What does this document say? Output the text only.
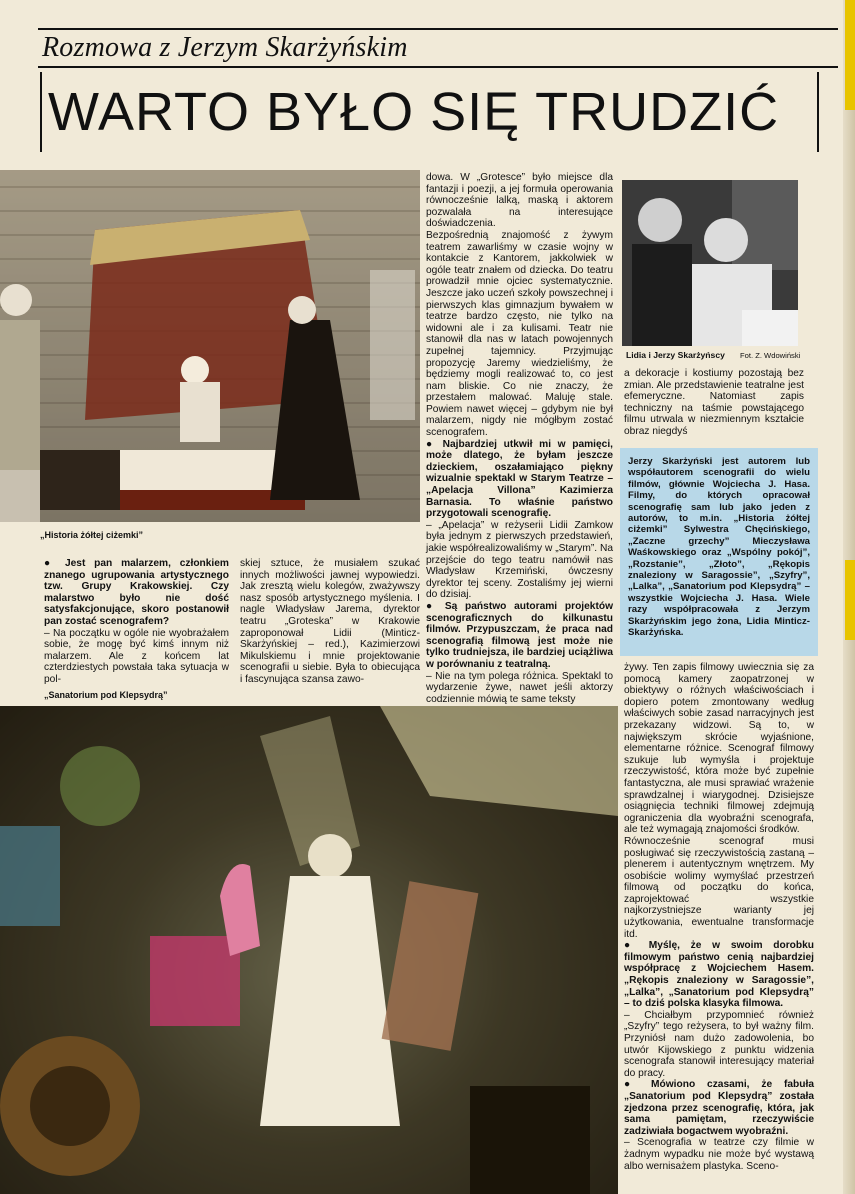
Rozmowa z Jerzym Skarżyńskim
WARTO BYŁO SIĘ TRUDZIĆ
„Historia żółtej ciżemki”
Lidia i Jerzy Skarżyńscy Fot. Z. Wdowiński

a dekoracje i kostiumy pozostają bez zmian. Ale przedstawienie teatralne jest efemeryczne. Natomiast zapis techniczny na taśmie powstającego filmu utrwala w niezmiennym kształcie obraz niegdyś

Jerzy Skarżyński jest autorem lub współautorem scenografii do wielu filmów, głównie Wojciecha J. Hasa. Filmy, do których opracował scenografię sam lub jako jeden z autorów, to m.in. „Historia żółtej ciżemki” Sylwestra Chęcińskiego, „Zaczne grzechy” Mieczysława Waśkowskiego oraz „Wspólny pokój”, „Rozstanie”, „Złoto”, „Rękopis znaleziony w Saragossie”, „Szyfry”, „Lalka”, „Sanatorium pod Klepsydrą” – wszystkie Wojciecha J. Hasa. Wiele razy współpracowała z Jerzym Skarżyńskim jego żona, Lidia Minticz-Skarżyńska.

● Jest pan malarzem, członkiem znanego ugrupowania artystycznego tzw. Grupy Krakowskiej. Czy malarstwo było nie dość satysfakcjonujące, skoro postanowił pan zostać scenografem?

– Na początku w ogóle nie wyobrażałem sobie, że mogę być kimś innym niż malarzem. Ale z końcem lat czterdziestych powstała taka sytuacja w pol-

skiej sztuce, że musiałem szukać innych możliwości jawnej wypowiedzi. Jak zresztą wielu kolegów, zważywszy nasz sposób artystycznego myślenia. I nagle Władysław Jarema, dyrektor teatru „Groteska” w Krakowie zaproponował Lidii (Minticz-Skarżyńskiej – red.), Kazimierzowi Mikulskiemu i mnie projektowanie scenografii u siebie. Była to obiecująca i fascynująca szansa zawo-

„Sanatorium pod Klepsydrą”

dowa. W „Grotesce” było miejsce dla fantazji i poezji, a jej formuła operowania równocześnie lalką, maską i aktorem pozwalała na interesujące doświadczenia.

Bezpośrednią znajomość z żywym teatrem zawarliśmy w czasie wojny w kontakcie z Kantorem, jakkolwiek w ogóle teatr znałem od dziecka. Do teatru prowadził mnie ojciec systematycznie. Jeszcze jako uczeń szkoły powszechnej i pierwszych klas gimnazjum bywałem w teatrze bardzo często, nie tylko na widowni ale i za kulisami. Teatr nie stanowił dla nas w latach powojennych zupełnej tajemnicy. Przyjmując propozycję Jaremy wiedzieliśmy, że będziemy mogli realizować to, co jest nam bliskie. Co nie znaczy, że przestałem malować. Maluję stale. Powiem nawet więcej – gdybym nie był malarzem, nigdy nie mógłbym zostać scenografem.

● Najbardziej utkwił mi w pamięci, może dlatego, że byłam jeszcze dzieckiem, oszałamiająco piękny wizualnie spektakl w Starym Teatrze – „Apelacja Villona” Kazimierza Barnasia. To właśnie państwo przygotowali scenografię.

– „Apelacja” w reżyserii Lidii Zamkow była jednym z pierwszych przedstawień, jakie współrealizowaliśmy w „Starym”. Na przejście do tego teatru namówił nas Władysław Krzemiński, ówczesny dyrektor tej sceny. Zostaliśmy jej wierni do dzisiaj.

● Są państwo autorami projektów scenograficznych do kilkunastu filmów. Przypuszczam, że praca nad scenografią filmową jest może nie tylko trudniejsza, ile bardziej uciążliwa w porównaniu z teatralną.

– Nie na tym polega różnica. Spektakl to wydarzenie żywe, nawet jeśli aktorzy codziennie mówią te same teksty

żywy. Ten zapis filmowy uwiecznia się za pomocą kamery zaopatrzonej w obiektywy o różnych właściwościach i dopiero potem zmontowany według właściwych sobie zasad narracyjnych jest przekazany widzowi. Są to, w największym skrócie wyjaśnione, elementarne różnice. Scenograf filmowy szukuje lub wymyśla i projektuje rzeczywistość, która może być zupełnie fantastyczna, ale musi sprawiać wrażenie sprawdzalnej i wiarygodnej. Dzisiejsze osiągnięcia techniki filmowej zdejmują ograniczenia dla wyobraźni scenografa, ale też wymagają znajomości środków.

Równocześnie scenograf musi posługiwać się rzeczywistością zastaną – plenerem i autentycznym wnętrzem. My osobiście wolimy wymyślać przestrzeń filmową od początku do końca, zaprojektować wszystkie najkorzystniejsze warianty jej użytkowania, ewentualne transformacje itd.

● Myślę, że w swoim dorobku filmowym państwo cenią najbardziej współpracę z Wojciechem Hasem. „Rękopis znaleziony w Saragossie”, „Lalka”, „Sanatorium pod Klepsydrą” – to dziś polska klasyka filmowa.

– Chciałbym przypomnieć również „Szyfry” tego reżysera, to był ważny film. Przyniósł nam dużo zadowolenia, bo utwór Kijowskiego z punktu widzenia scenografa stanowił interesujący materiał do pracy.

● Mówiono czasami, że fabuła „Sanatorium pod Klepsydrą” została zjedzona przez scenografię, która, jak sama pamiętam, rzeczywiście zadziwiała bogactwem wyobraźni.

– Scenografia w teatrze czy filmie w żadnym wypadku nie może być wystawą albo wernisażem plastyka. Sceno-
